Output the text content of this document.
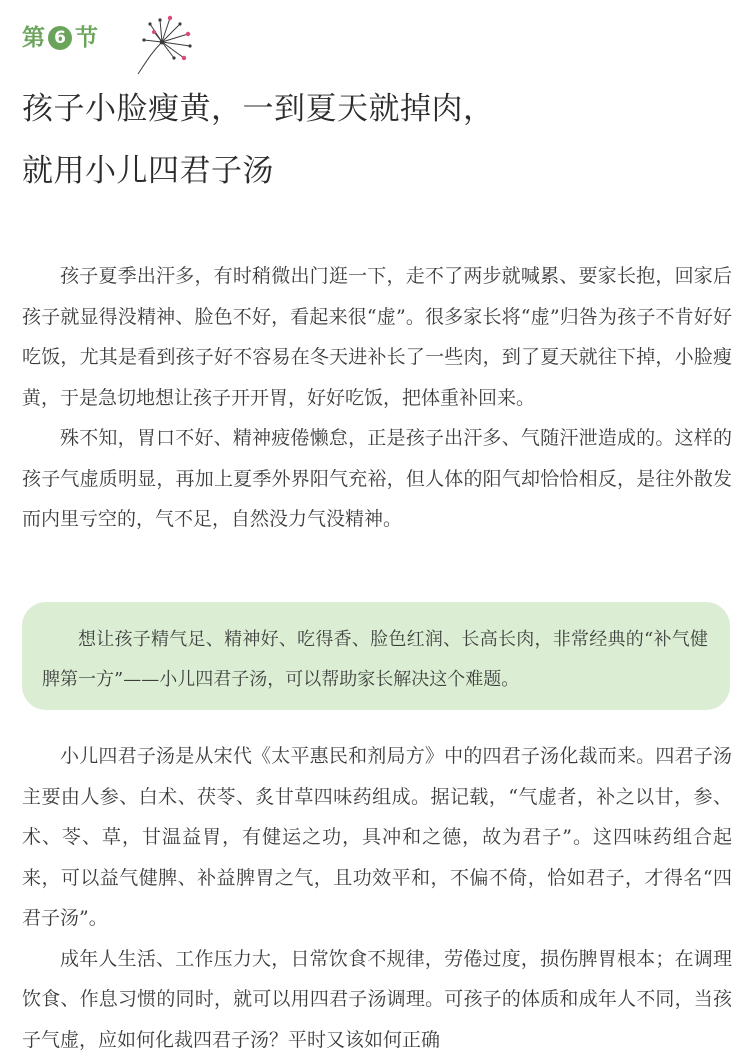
第 6 节
孩子小脸瘦黄，一到夏天就掉肉，
就用小儿四君子汤

孩子夏季出汗多，有时稍微出门逛一下，走不了两步就喊累、要家长抱，回家后孩子就显得没精神、脸色不好，看起来很“虚”。很多家长将“虚”归咎为孩子不肯好好吃饭，尤其是看到孩子好不容易在冬天进补长了一些肉，到了夏天就往下掉，小脸瘦黄，于是急切地想让孩子开开胃，好好吃饭，把体重补回来。

殊不知，胃口不好、精神疲倦懒怠，正是孩子出汗多、气随汗泄造成的。这样的孩子气虚质明显，再加上夏季外界阳气充裕，但人体的阳气却恰恰相反，是往外散发而内里亏空的，气不足，自然没力气没精神。

想让孩子精气足、精神好、吃得香、脸色红润、长高长肉，非常经典的“补气健脾第一方”——小儿四君子汤，可以帮助家长解决这个难题。

小儿四君子汤是从宋代《太平惠民和剂局方》中的四君子汤化裁而来。四君子汤主要由人参、白术、茯苓、炙甘草四味药组成。据记载，“气虚者，补之以甘，参、术、苓、草，甘温益胃，有健运之功，具冲和之德，故为君子”。这四味药组合起来，可以益气健脾、补益脾胃之气，且功效平和，不偏不倚，恰如君子，才得名“四君子汤”。

成年人生活、工作压力大，日常饮食不规律，劳倦过度，损伤脾胃根本；在调理饮食、作息习惯的同时，就可以用四君子汤调理。可孩子的体质和成年人不同，当孩子气虚，应如何化裁四君子汤？平时又该如何正确
